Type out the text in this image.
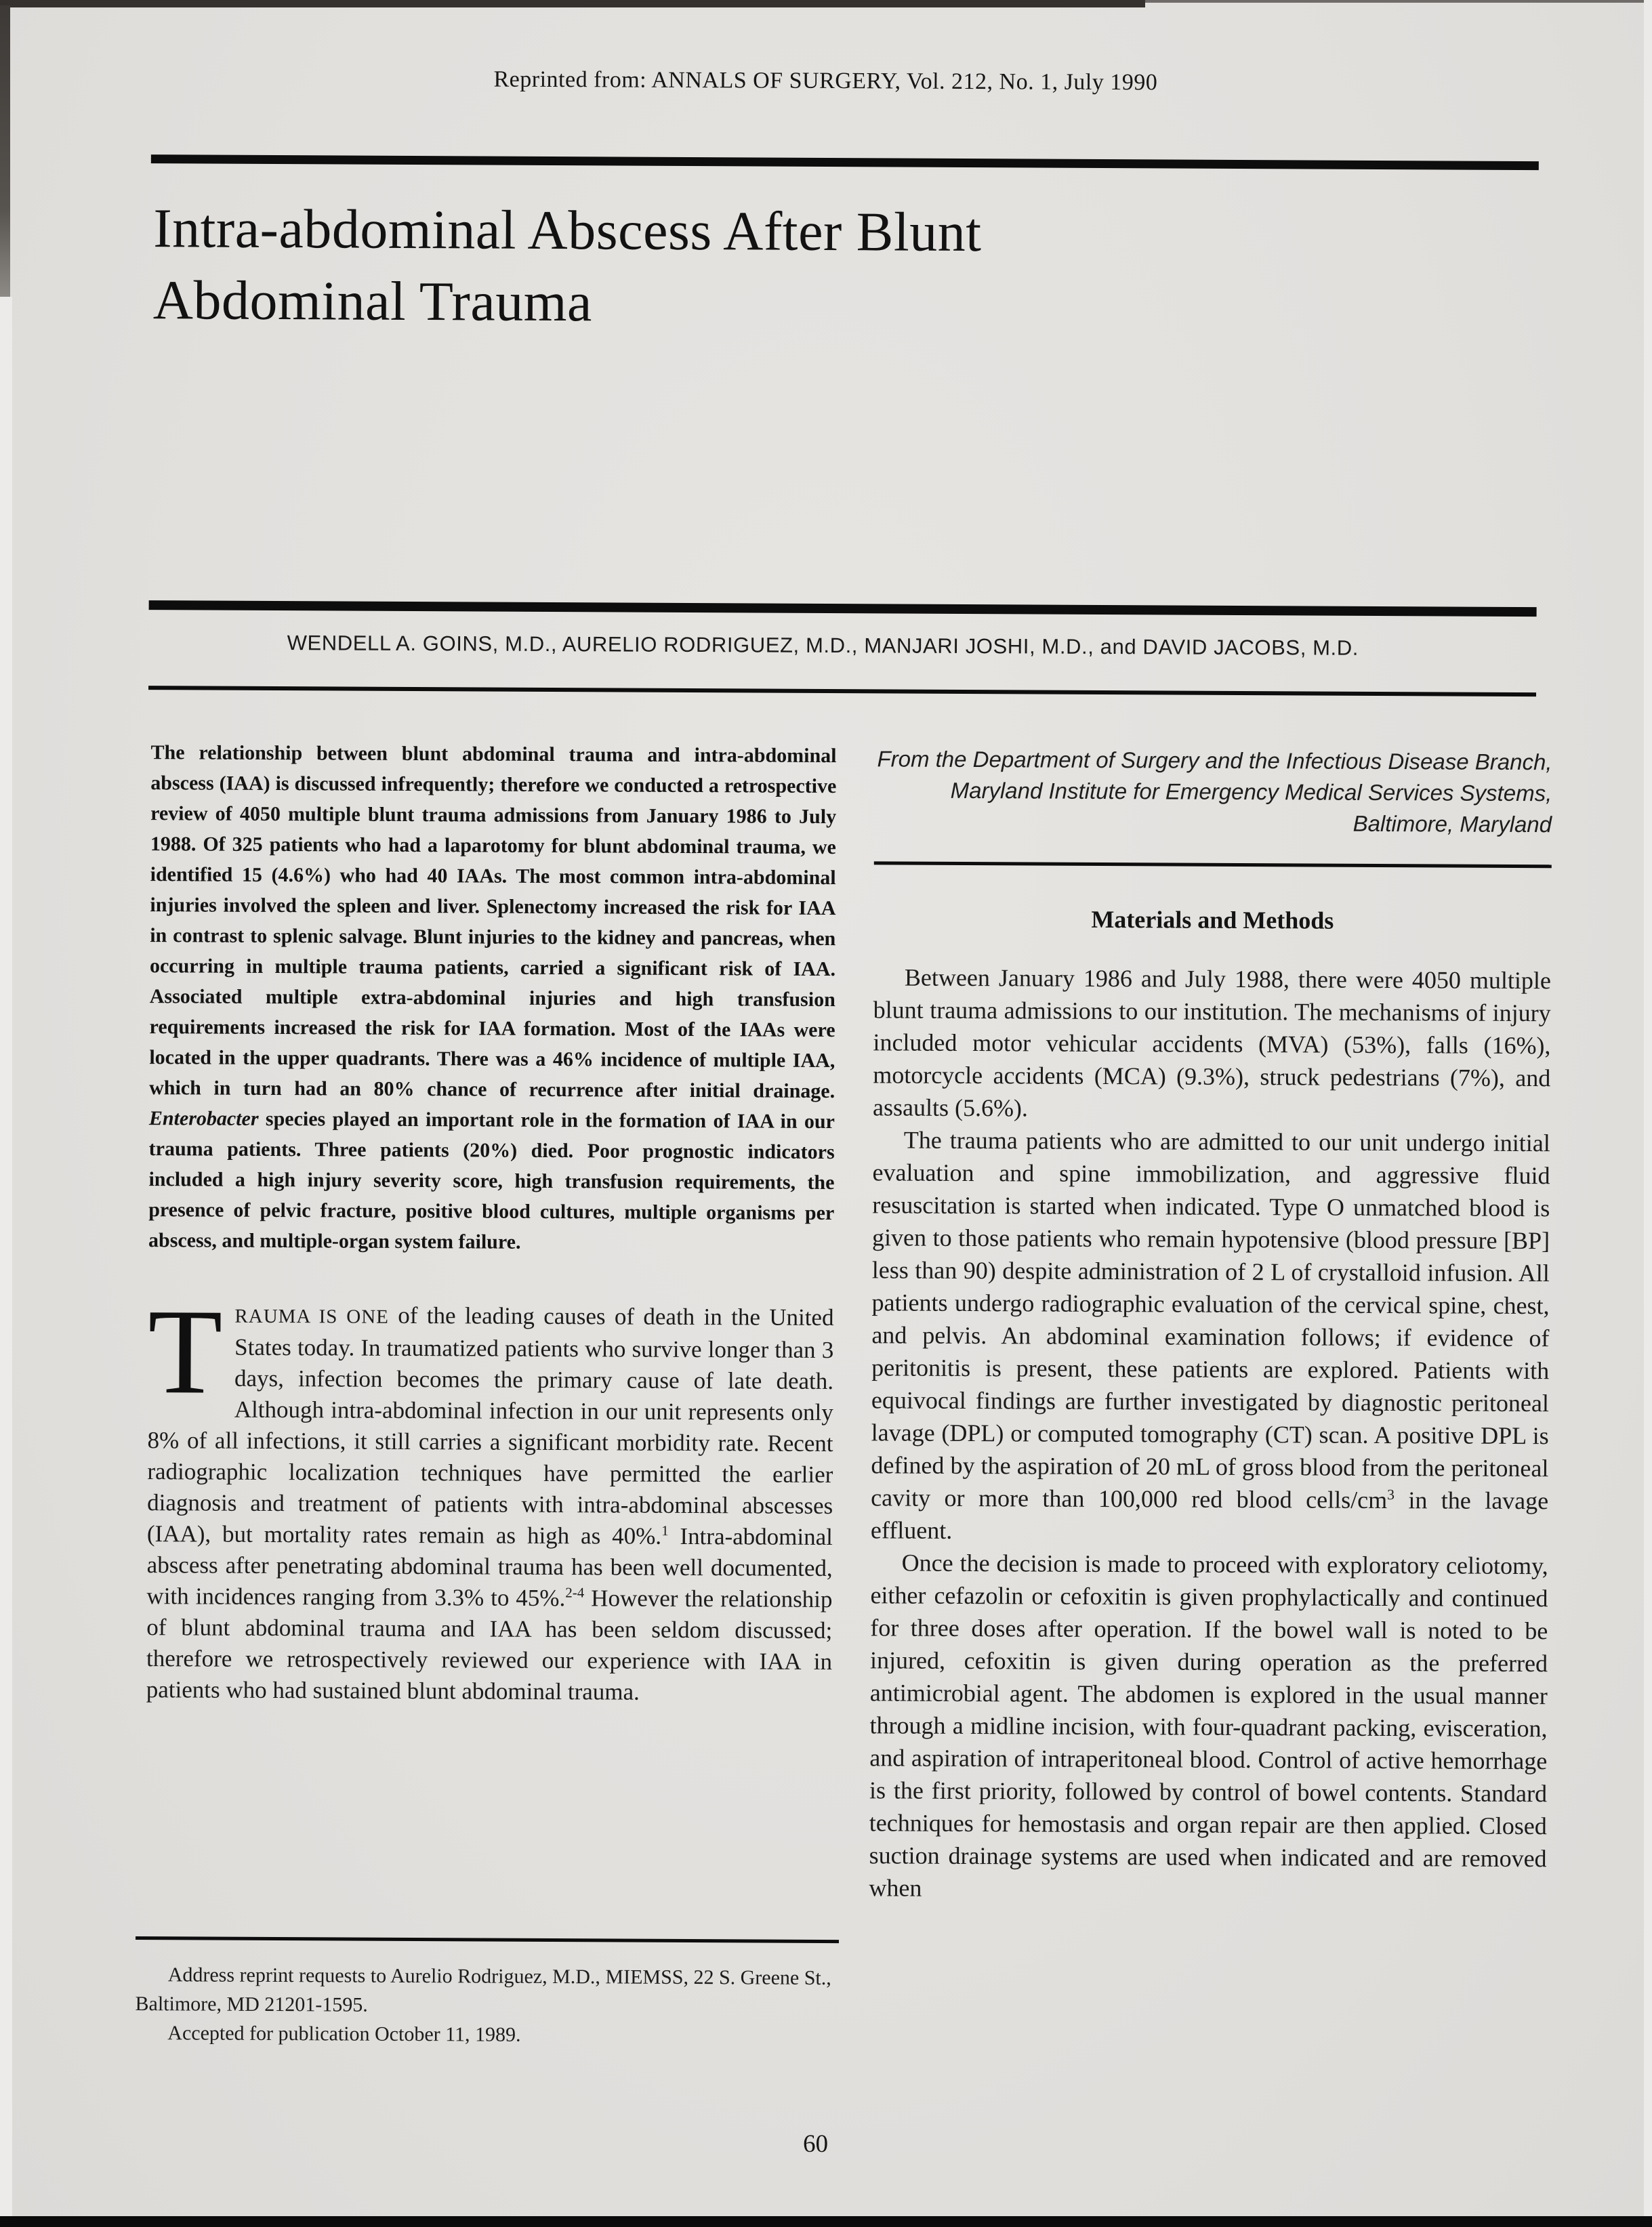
Reprinted from: ANNALS OF SURGERY, Vol. 212, No. 1, July 1990
Intra-abdominal Abscess After Blunt
Abdominal Trauma
WENDELL A. GOINS, M.D., AURELIO RODRIGUEZ, M.D., MANJARI JOSHI, M.D., and DAVID JACOBS, M.D.

The relationship between blunt abdominal trauma and intra-abdominal abscess (IAA) is discussed infrequently; therefore we conducted a retrospective review of 4050 multiple blunt trauma admissions from January 1986 to July 1988. Of 325 patients who had a laparotomy for blunt abdominal trauma, we identified 15 (4.6%) who had 40 IAAs. The most common intra-abdominal injuries involved the spleen and liver. Splenectomy increased the risk for IAA in contrast to splenic salvage. Blunt injuries to the kidney and pancreas, when occurring in multiple trauma patients, carried a significant risk of IAA. Associated multiple extra-abdominal injuries and high transfusion requirements increased the risk for IAA formation. Most of the IAAs were located in the upper quadrants. There was a 46% incidence of multiple IAA, which in turn had an 80% chance of recurrence after initial drainage. Enterobacter species played an important role in the formation of IAA in our trauma patients. Three patients (20%) died. Poor prognostic indicators included a high injury severity score, high transfusion requirements, the presence of pelvic fracture, positive blood cultures, multiple organisms per abscess, and multiple-organ system failure.

TRAUMA IS ONE of the leading causes of death in the United States today. In traumatized patients who survive longer than 3 days, infection becomes the primary cause of late death. Although intra-abdominal infection in our unit represents only 8% of all infections, it still carries a significant morbidity rate. Recent radiographic localization techniques have permitted the earlier diagnosis and treatment of patients with intra-abdominal abscesses (IAA), but mortality rates remain as high as 40%.$^1$ Intra-abdominal abscess after penetrating abdominal trauma has been well documented, with incidences ranging from 3.3% to 45%.$^{2-4}$ However the relationship of blunt abdominal trauma and IAA has been seldom discussed; therefore we retrospectively reviewed our experience with IAA in patients who had sustained blunt abdominal trauma.

From the Department of Surgery and the Infectious Disease Branch, Maryland Institute for Emergency Medical Services Systems, Baltimore, Maryland

Materials and Methods

Between January 1986 and July 1988, there were 4050 multiple blunt trauma admissions to our institution. The mechanisms of injury included motor vehicular accidents (MVA) (53%), falls (16%), motorcycle accidents (MCA) (9.3%), struck pedestrians (7%), and assaults (5.6%).

The trauma patients who are admitted to our unit undergo initial evaluation and spine immobilization, and aggressive fluid resuscitation is started when indicated. Type O unmatched blood is given to those patients who remain hypotensive (blood pressure [BP] less than 90) despite administration of 2 L of crystalloid infusion. All patients undergo radiographic evaluation of the cervical spine, chest, and pelvis. An abdominal examination follows; if evidence of peritonitis is present, these patients are explored. Patients with equivocal findings are further investigated by diagnostic peritoneal lavage (DPL) or computed tomography (CT) scan. A positive DPL is defined by the aspiration of 20 mL of gross blood from the peritoneal cavity or more than 100,000 red blood cells/$cm^3$ in the lavage effluent.

Once the decision is made to proceed with exploratory celiotomy, either cefazolin or cefoxitin is given prophylactically and continued for three doses after operation. If the bowel wall is noted to be injured, cefoxitin is given during operation as the preferred antimicrobial agent. The abdomen is explored in the usual manner through a midline incision, with four-quadrant packing, evisceration, and aspiration of intraperitoneal blood. Control of active hemorrhage is the first priority, followed by control of bowel contents. Standard techniques for hemostasis and organ repair are then applied. Closed suction drainage systems are used when indicated and are removed when

Address reprint requests to Aurelio Rodriguez, M.D., MIEMSS, 22 S. Greene St., Baltimore, MD 21201-1595.

Accepted for publication October 11, 1989.

60
